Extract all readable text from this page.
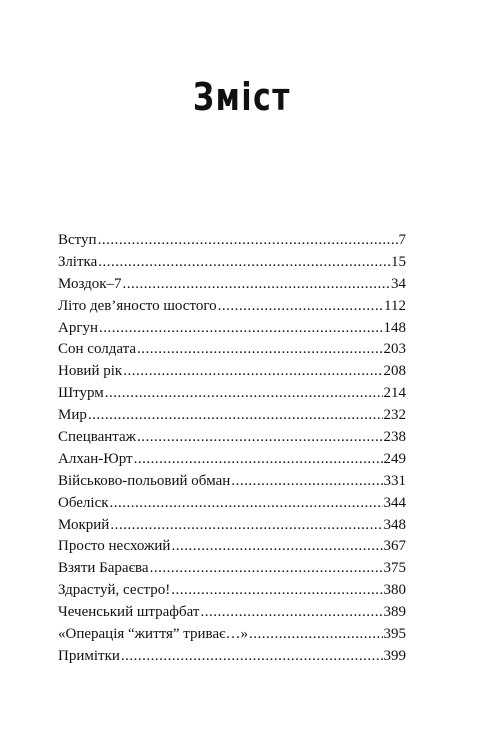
Зміст
Вступ .....	7
Злітка .....	15
Моздок–7 .....	34
Літо дев’яносто шостого .....	112
Аргун .....	148
Сон солдата .....	203
Новий рік .....	208
Штурм .....	214
Мир .....	232
Спецвантаж .....	238
Алхан-Юрт .....	249
Військово-польовий обман .....	331
Обеліск .....	344
Мокрий .....	348
Просто несхожий .....	367
Взяти Бараєва .....	375
Здрастуй, сестро! .....	380
Чеченський штрафбат .....	389
«Операція “життя” триває…» .....	395
Примітки .....	399
